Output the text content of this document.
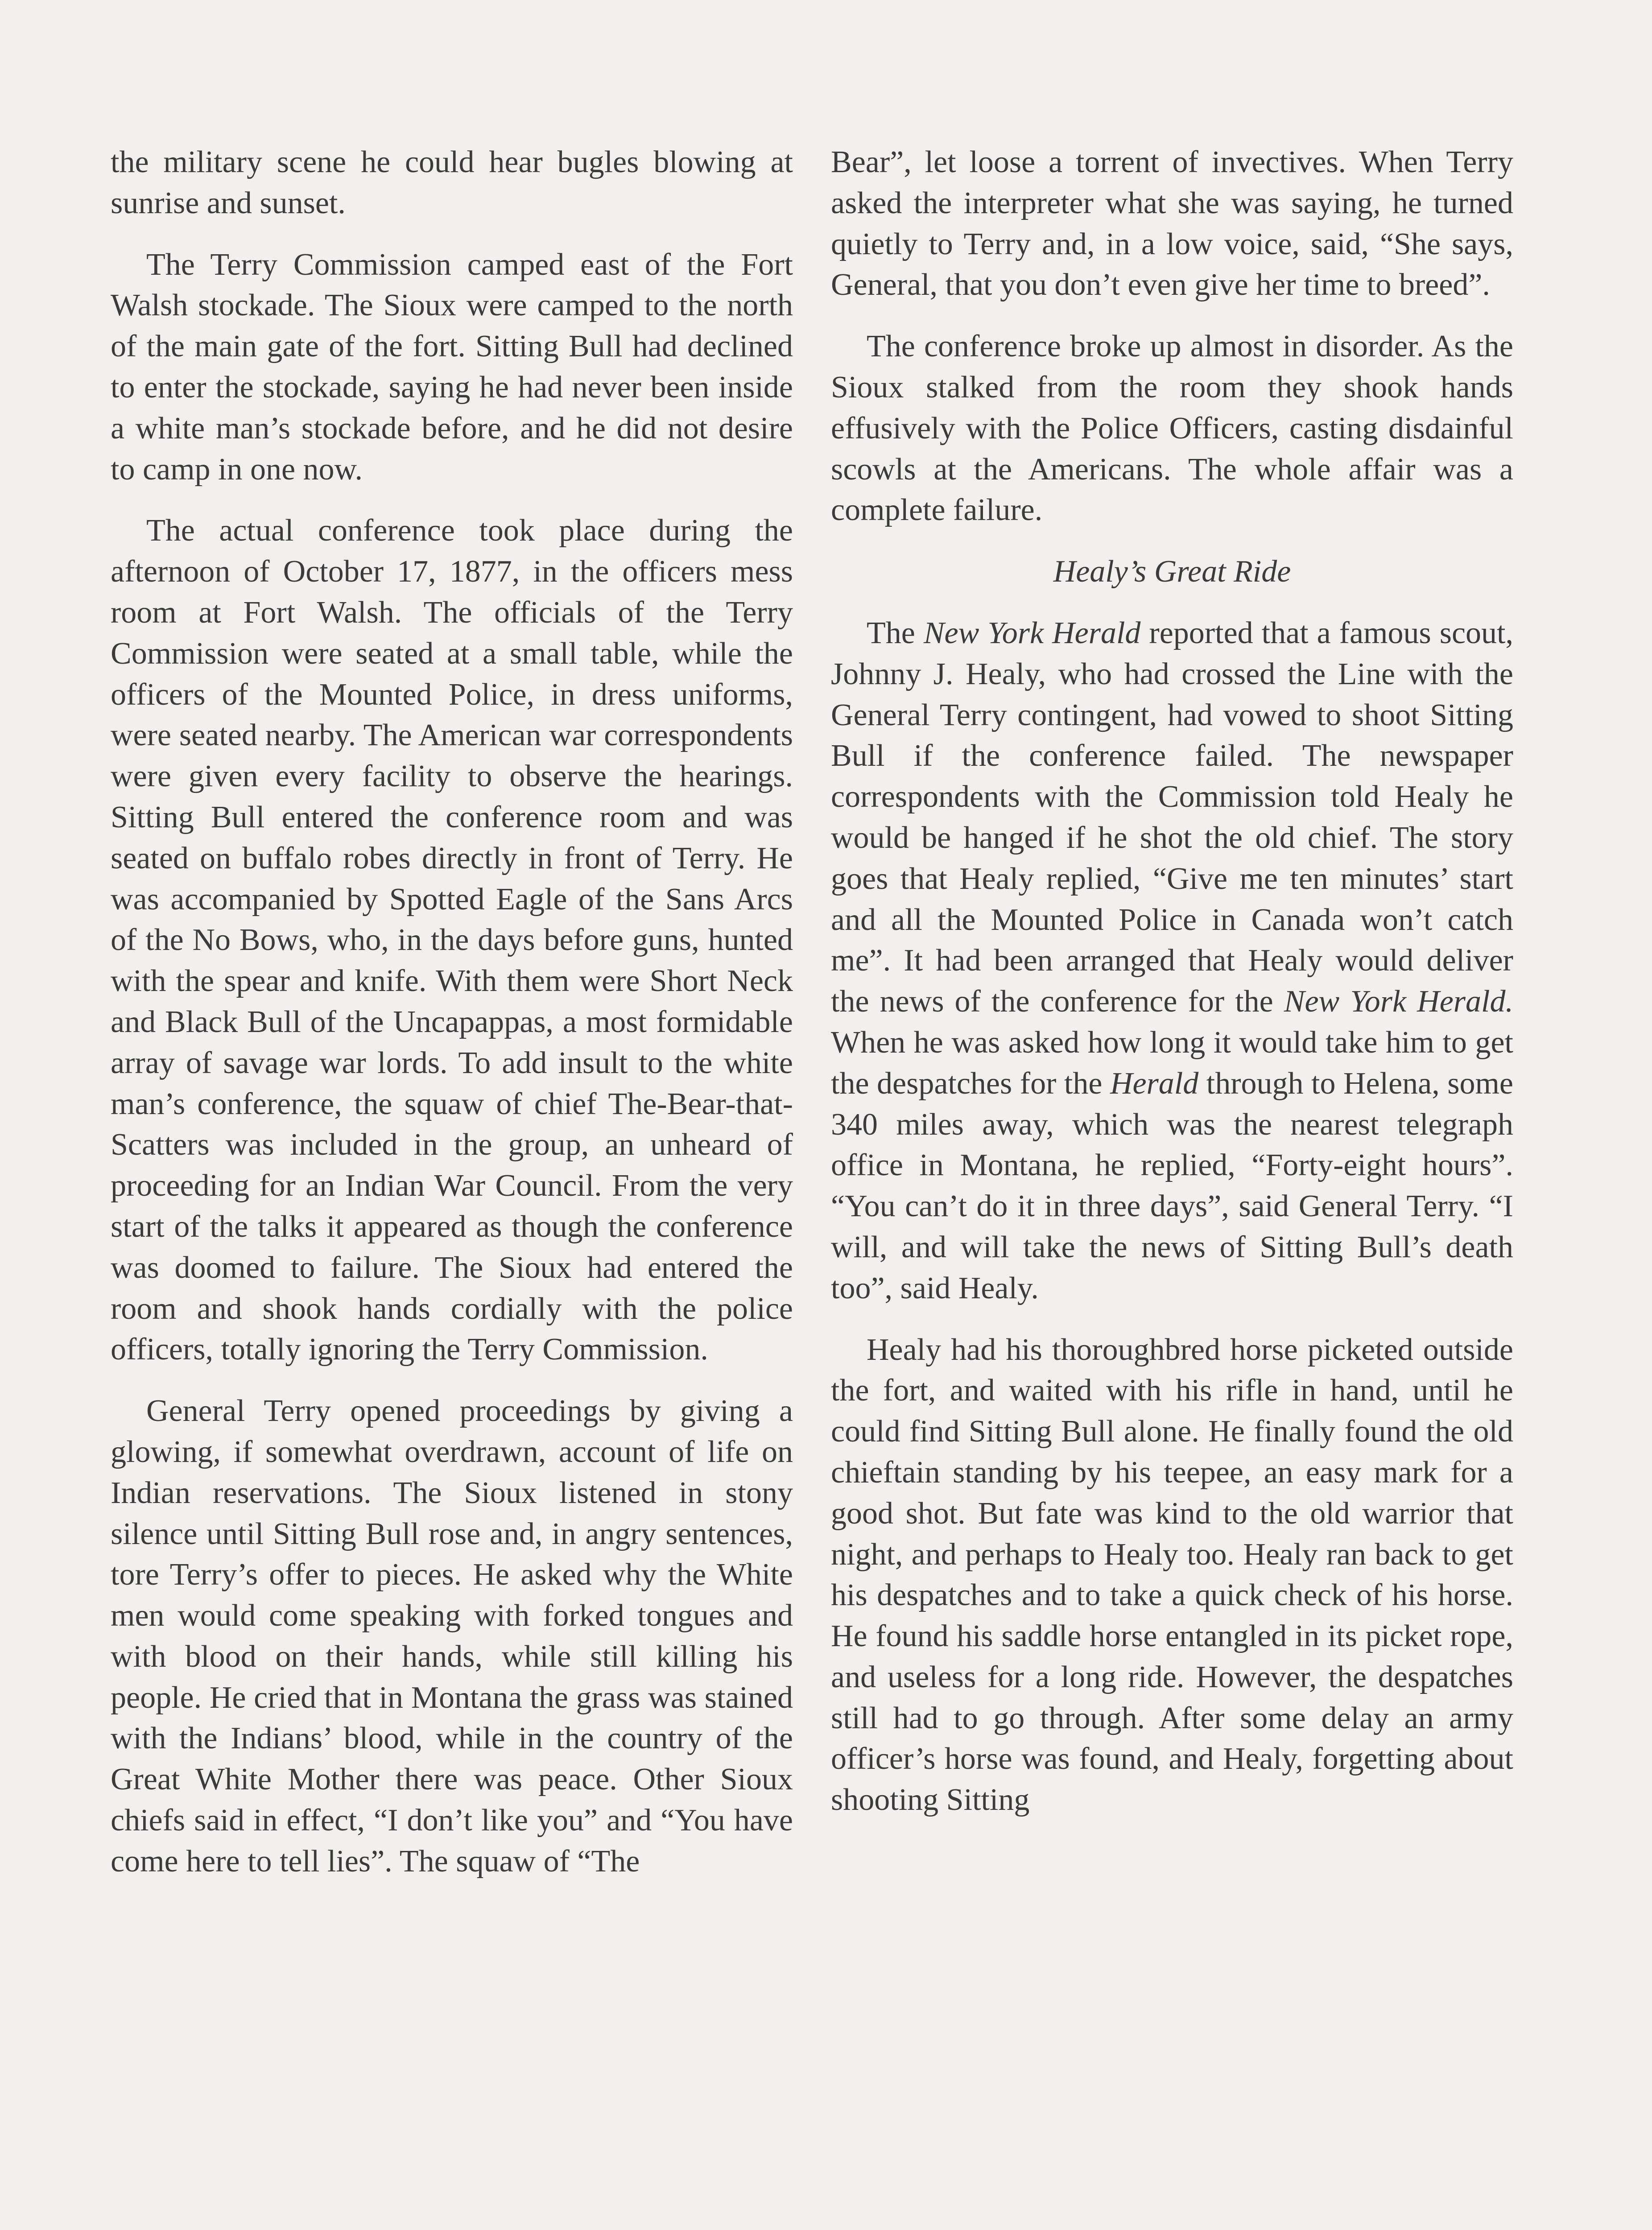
the military scene he could hear bugles blowing at sunrise and sunset.

The Terry Commission camped east of the Fort Walsh stockade. The Sioux were camped to the north of the main gate of the fort. Sitting Bull had declined to enter the stockade, saying he had never been inside a white man’s stockade before, and he did not desire to camp in one now.

The actual conference took place during the afternoon of October 17, 1877, in the officers mess room at Fort Walsh. The officials of the Terry Commission were seated at a small table, while the officers of the Mounted Police, in dress uniforms, were seated nearby. The American war correspondents were given every facility to observe the hearings. Sitting Bull entered the conference room and was seated on buffalo robes directly in front of Terry. He was accompanied by Spotted Eagle of the Sans Arcs of the No Bows, who, in the days before guns, hunted with the spear and knife. With them were Short Neck and Black Bull of the Uncapappas, a most formidable array of savage war lords. To add insult to the white man’s conference, the squaw of chief The-Bear-that-Scatters was included in the group, an unheard of proceeding for an Indian War Council. From the very start of the talks it appeared as though the conference was doomed to failure. The Sioux had entered the room and shook hands cordially with the police officers, totally ignoring the Terry Commission.

General Terry opened proceedings by giving a glowing, if somewhat overdrawn, account of life on Indian reservations. The Sioux listened in stony silence until Sitting Bull rose and, in angry sentences, tore Terry’s offer to pieces. He asked why the White men would come speaking with forked tongues and with blood on their hands, while still killing his people. He cried that in Montana the grass was stained with the Indians’ blood, while in the country of the Great White Mother there was peace. Other Sioux chiefs said in effect, “I don’t like you” and “You have come here to tell lies”. The squaw of “The

Bear”, let loose a torrent of invectives. When Terry asked the interpreter what she was saying, he turned quietly to Terry and, in a low voice, said, “She says, General, that you don’t even give her time to breed”.

The conference broke up almost in disorder. As the Sioux stalked from the room they shook hands effusively with the Police Officers, casting disdainful scowls at the Americans. The whole affair was a complete failure.

Healy’s Great Ride

The New York Herald reported that a famous scout, Johnny J. Healy, who had crossed the Line with the General Terry contingent, had vowed to shoot Sitting Bull if the conference failed. The newspaper correspondents with the Commission told Healy he would be hanged if he shot the old chief. The story goes that Healy replied, “Give me ten minutes’ start and all the Mounted Police in Canada won’t catch me”. It had been arranged that Healy would deliver the news of the conference for the New York Herald. When he was asked how long it would take him to get the despatches for the Herald through to Helena, some 340 miles away, which was the nearest telegraph office in Montana, he replied, “Forty-eight hours”. “You can’t do it in three days”, said General Terry. “I will, and will take the news of Sitting Bull’s death too”, said Healy.

Healy had his thoroughbred horse picketed outside the fort, and waited with his rifle in hand, until he could find Sitting Bull alone. He finally found the old chieftain standing by his teepee, an easy mark for a good shot. But fate was kind to the old warrior that night, and perhaps to Healy too. Healy ran back to get his despatches and to take a quick check of his horse. He found his saddle horse entangled in its picket rope, and useless for a long ride. However, the despatches still had to go through. After some delay an army officer’s horse was found, and Healy, forgetting about shooting Sitting
